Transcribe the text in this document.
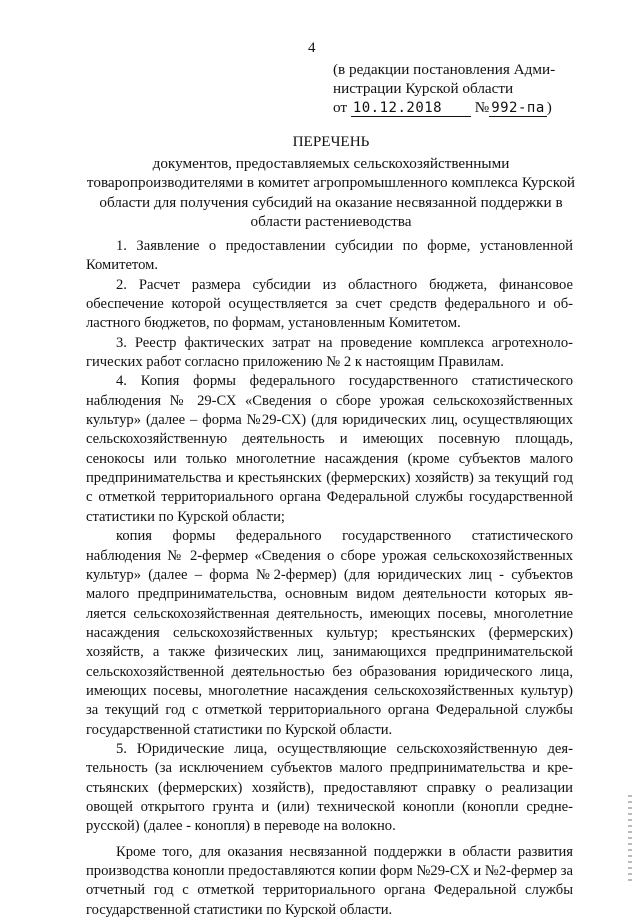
4
(в редакции постановления Адми-
нистрации Курской области
от 10.12.2018 № 992-па )
ПЕРЕЧЕНЬ
документов, предоставляемых сельскохозяйственными товаропроизводителями в комитет агропромышленного комплекса Курской области для получения субсидий на оказание несвязанной поддержки в области растениеводства

1. Заявление о предоставлении субсидии по форме, установленной Комитетом.

2. Расчет размера субсидии из областного бюджета, финансовое обеспечение которой осуществляется за счет средств федерального и областного бюджетов, по формам, установленным Комитетом.

3. Реестр фактических затрат на проведение комплекса агротехнологических работ согласно приложению № 2 к настоящим Правилам.

4. Копия формы федерального государственного статистического наблюдения № 29-СХ «Сведения о сборе урожая сельскохозяйственных культур» (далее – форма №29-СХ) (для юридических лиц, осуществляющих сельскохозяйственную деятельность и имеющих посевную площадь, сенокосы или только многолетние насаждения (кроме субъектов малого предпринимательства и крестьянских (фермерских) хозяйств) за текущий год с отметкой территориального органа Федеральной службы государственной статистики по Курской области;

копия формы федерального государственного статистического наблюдения № 2-фермер «Сведения о сборе урожая сельскохозяйственных культур» (далее – форма №2-фермер) (для юридических лиц - субъектов малого предпринимательства, основным видом деятельности которых является сельскохозяйственная деятельность, имеющих посевы, многолетние насаждения сельскохозяйственных культур; крестьянских (фермерских) хозяйств, а также физических лиц, занимающихся предпринимательской сельскохозяйственной деятельностью без образования юридического лица, имеющих посевы, многолетние насаждения сельскохозяйственных культур) за текущий год с отметкой территориального органа Федеральной службы государственной статистики по Курской области.

5. Юридические лица, осуществляющие сельскохозяйственную деятельность (за исключением субъектов малого предпринимательства и крестьянских (фермерских) хозяйств), предоставляют справку о реализации овощей открытого грунта и (или) технической конопли (конопли среднерусской) (далее - конопля) в переводе на волокно.

Кроме того, для оказания несвязанной поддержки в области развития производства конопли предоставляются копии форм №29-СХ и №2-фермер за отчетный год с отметкой территориального органа Федеральной службы государственной статистики по Курской области.
